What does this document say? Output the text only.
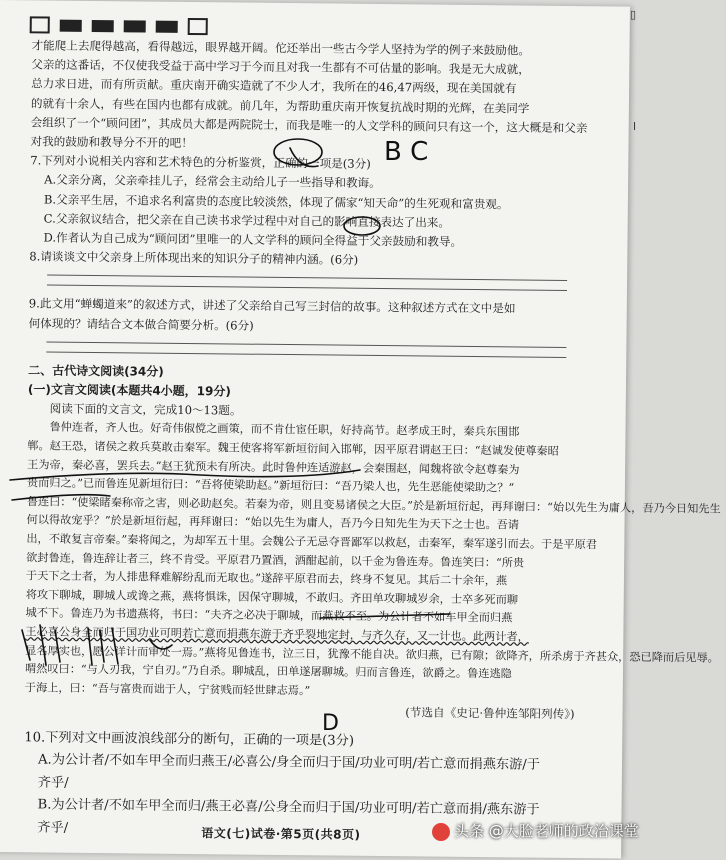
才能爬上去爬得越高，看得越远，眼界越开阔。佗还举出一些古今学人坚持为学的例子来鼓励他。

父亲的这番话，不仅使我受益于高中学习于今而且对我一生都有不可估量的影响。我是无大成就，

总力求日进，而有所贡献。重庆南开确实造就了不少人才，我所在的46,47两级，现在美国就有

的就有十余人，有些在国内也都有成就。前几年，为帮助重庆南开恢复抗战时期的光辉，在美同学

会组织了一个“顾问团”，其成员大都是两院院士，而我是唯一的人文学科的顾问只有这一个，这大概是和父亲

对我的鼓励和教导分不开的吧！

7.下列对小说相关内容和艺术特色的分析鉴赏，正确的一项是(3分)

A.父亲分离，父亲牵挂儿子，经常会主动给儿子一些指导和教诲。

B.父亲平生居，不追求名利富贵的态度比较淡然，体现了儒家“知天命”的生死观和富贵观。

C.父亲叙议结合，把父亲在自己读书求学过程中对自己的影响直接表达了出来。

D.作者认为自己成为“顾问团”里唯一的人文学科的顾问全得益于父亲鼓励和教导。

8.请谈谈文中父亲身上所体现出来的知识分子的精神内涵。(6分)

9.此文用“蝉蠋道来”的叙述方式，讲述了父亲给自己写三封信的故事。这种叙述方式在文中是如

何体现的？请结合文本做合简要分析。(6分)

二、古代诗文阅读(34分)

(一)文言文阅读(本题共4小题，19分)

阅读下面的文言文，完成10～13题。

鲁仲连者，齐人也。好奇伟俶傥之画策，而不肯仕宦任职，好持高节。赵孝成王时，秦兵东围邯

郸。赵王恐，诸侯之救兵莫敢击秦军。魏王使客将军新垣衍间入邯郸，因平原君谓赵王曰：“赵诚发使尊秦昭

王为帝，秦必喜，罢兵去。”赵王犹预未有所决。此时鲁仲连适游赵，会秦围赵，闻魏将欲令赵尊秦为

贵而归之。”已而鲁连见新垣衍曰：“吾将使梁助赵。”新垣衍曰：“吾乃梁人也，先生恶能使梁助之？”

鲁连曰：“使梁睹秦称帝之害，则必助赵矣。若秦为帝，则且变易诸侯之大臣。”於是新垣衍起，再拜谢曰：“始以先生为庸人，吾乃今日知先生

何以得故宠乎？”於是新垣衍起，再拜谢曰：“始以先生为庸人，吾乃今日知先生为天下之士也。吾请

出，不敢复言帝秦。”秦将闻之，为却军五十里。会魏公子无忌夺晋鄙军以救赵，击秦军，秦军遂引而去。于是平原君

欲封鲁连，鲁连辞让者三，终不肯受。平原君乃置酒，酒酣起前，以千金为鲁连寿。鲁连笑曰：“所贵

于天下之士者，为人排患释难解纷乱而无取也。”遂辞平原君而去，终身不复见。其后二十余年，燕

将攻下聊城，聊城人或谗之燕，燕将惧诛，因保守聊城，不敢归。齐田单攻聊城岁余，士卒多死而聊

城不下。鲁连乃为书遗燕将，书曰：“夫齐之必决于聊城，而燕救不至。为公计者不如车甲全而归燕

王必喜公身全而归于国功业可明若亡意而捐燕东游于齐乎裂地定封，与齐久存，又一计也。此两计者，

显名厚实也，愿公详计而审处一焉。”燕将见鲁连书，泣三日，犹豫不能自决。欲归燕，已有隙；欲降齐，所杀虏于齐甚众，恐已降而后见辱。

喟然叹曰：“与人刃我，宁自刃。”乃自杀。聊城乱，田单遂屠聊城。归而言鲁连，欲爵之。鲁连逃隐

于海上，曰：“吾与富贵而诎于人，宁贫贱而轻世肆志焉。”

(节选自《史记·鲁仲连邹阳列传》)

10.下列对文中画波浪线部分的断句，正确的一项是(3分)

A.为公计者/不如车甲全而归燕王/必喜公/身全而归于国/功业可明/若亡意而捐燕东游/于

齐乎/

B.为公计者/不如车甲全而归/燕王必喜/公身全而归于国/功业可明/若亡意而捐/燕东游于

齐乎/	语文(七)试卷·第5页(共8页)
▯
l
B C
D
头条 @大脸老师的政治课堂
